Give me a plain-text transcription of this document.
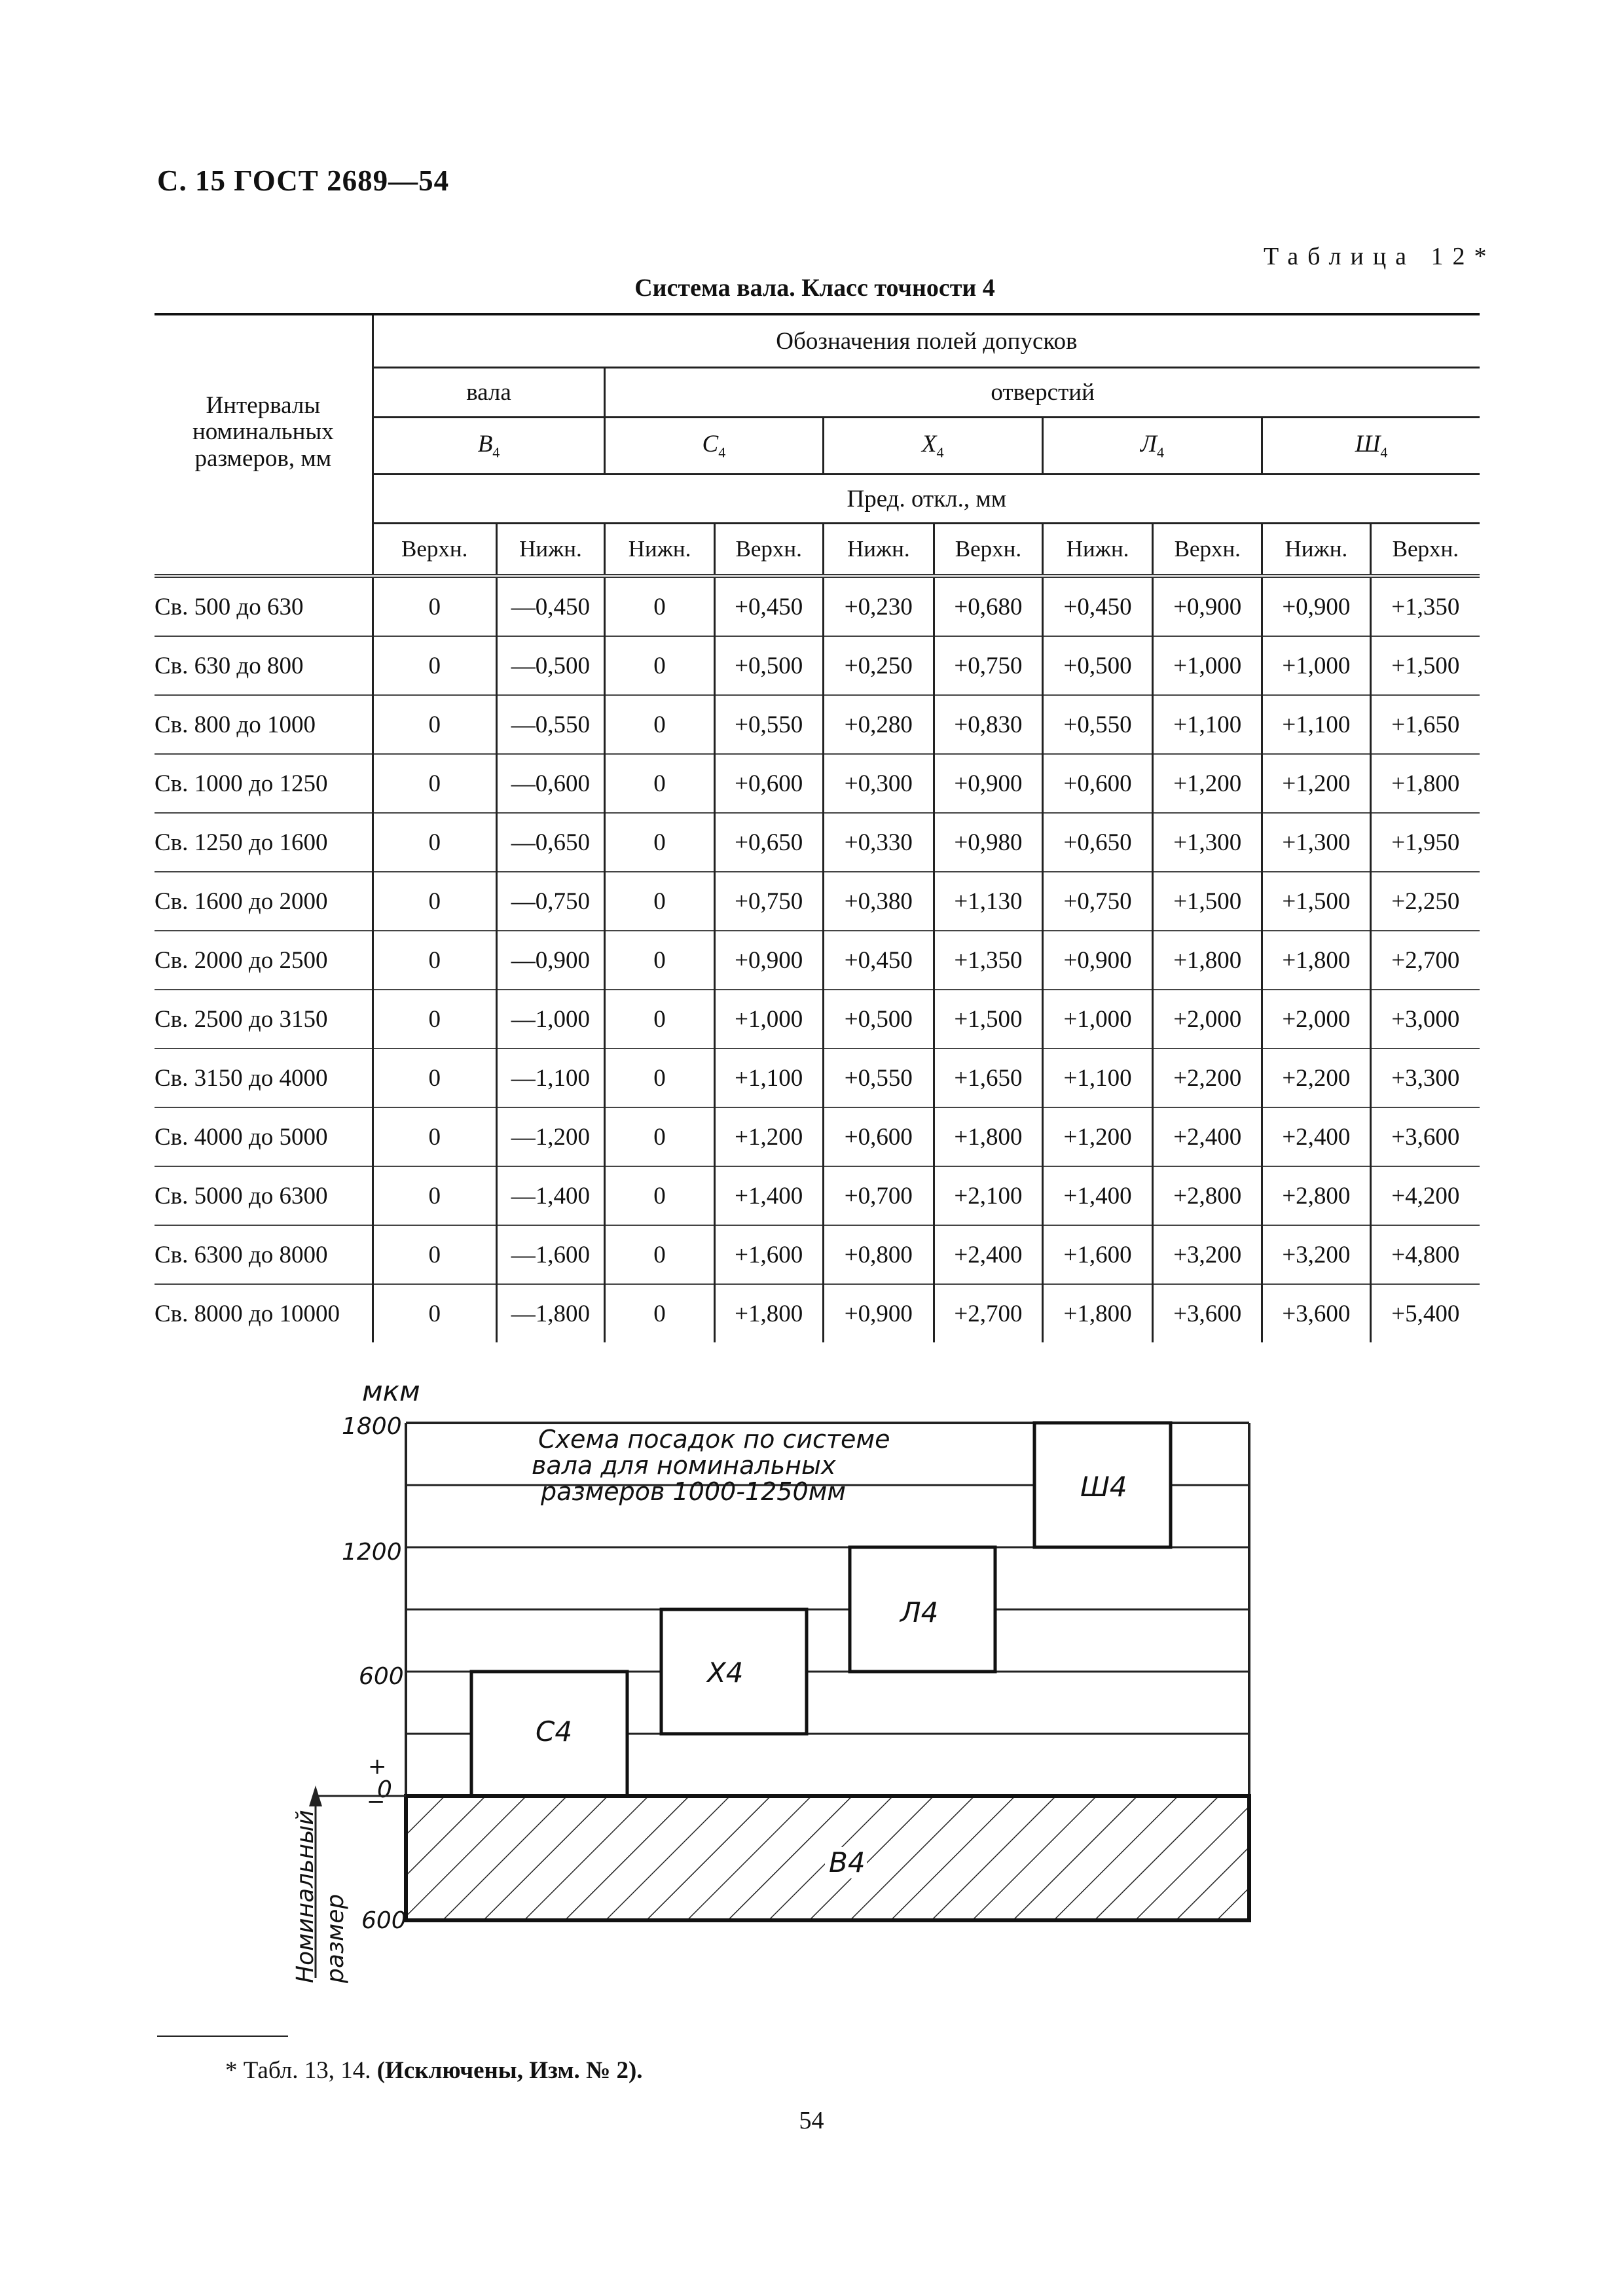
С. 15 ГОСТ 2689—54
Таблица 12*
Система вала. Класс точности 4
Интервалы номинальных размеров, мм	Обозначения полей допусков									
	вала		отверстий							
	$В_4$		$С_4$		$Х_4$		$Л_4$		$Ш_4$
	Пред. откл., мм									
	Верхн.	Нижн.	Нижн.	Верхн.	Нижн.	Верхн.	Нижн.	Верхн.	Нижн.	Верхн.
Св. 500 до 630	0	—0,450	0	+0,450	+0,230	+0,680	+0,450	+0,900	+0,900	+1,350
Св. 630 до 800	0	—0,500	0	+0,500	+0,250	+0,750	+0,500	+1,000	+1,000	+1,500
Св. 800 до 1000	0	—0,550	0	+0,550	+0,280	+0,830	+0,550	+1,100	+1,100	+1,650
Св. 1000 до 1250	0	—0,600	0	+0,600	+0,300	+0,900	+0,600	+1,200	+1,200	+1,800
Св. 1250 до 1600	0	—0,650	0	+0,650	+0,330	+0,980	+0,650	+1,300	+1,300	+1,950
Св. 1600 до 2000	0	—0,750	0	+0,750	+0,380	+1,130	+0,750	+1,500	+1,500	+2,250
Св. 2000 до 2500	0	—0,900	0	+0,900	+0,450	+1,350	+0,900	+1,800	+1,800	+2,700
Св. 2500 до 3150	0	—1,000	0	+1,000	+0,500	+1,500	+1,000	+2,000	+2,000	+3,000
Св. 3150 до 4000	0	—1,100	0	+1,100	+0,550	+1,650	+1,100	+2,200	+2,200	+3,300
Св. 4000 до 5000	0	—1,200	0	+1,200	+0,600	+1,800	+1,200	+2,400	+2,400	+3,600
Св. 5000 до 6300	0	—1,400	0	+1,400	+0,700	+2,100	+1,400	+2,800	+2,800	+4,200
Св. 6300 до 8000	0	—1,600	0	+1,600	+0,800	+2,400	+1,600	+3,200	+3,200	+4,800
Св. 8000 до 10000	0	—1,800	0	+1,800	+0,900	+2,700	+1,800	+3,600	+3,600	+5,400
мкм
С4
Х4
Л4
Ш4
В4
Схема посадок по системе
вала для номинальных
размеров 1000-1250мм
1800
1200
600
+
0
−
600
Номинальный размер
* Табл. 13, 14. (Исключены, Изм. № 2).
54
